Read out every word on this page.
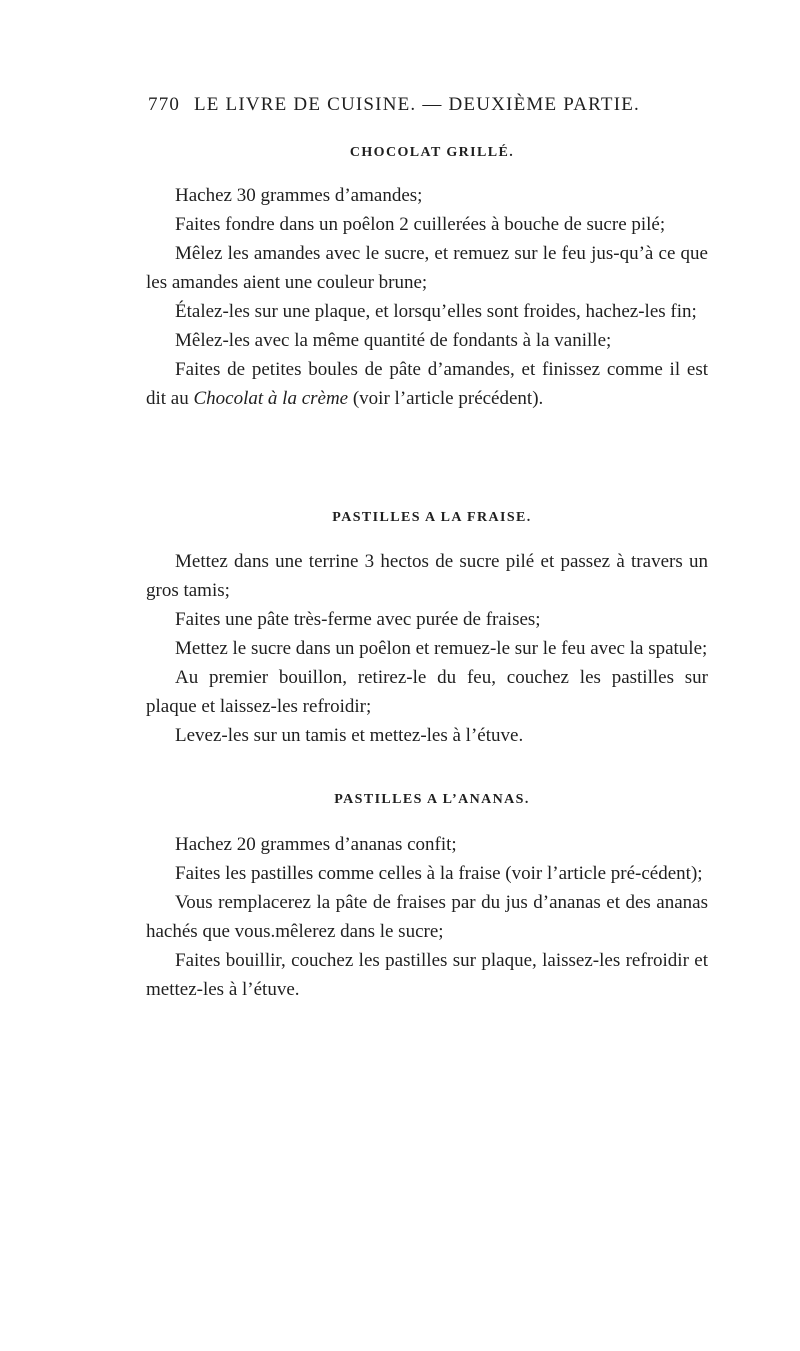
770 LE LIVRE DE CUISINE. — DEUXIÈME PARTIE.
CHOCOLAT GRILLÉ.

Hachez 30 grammes d’amandes;

Faites fondre dans un poêlon 2 cuillerées à bouche de sucre pilé;

Mêlez les amandes avec le sucre, et remuez sur le feu jus-qu’à ce que les amandes aient une couleur brune;

Étalez-les sur une plaque, et lorsqu’elles sont froides, hachez-les fin;

Mêlez-les avec la même quantité de fondants à la vanille;

Faites de petites boules de pâte d’amandes, et finissez comme il est dit au Chocolat à la crème (voir l’article précédent).

PASTILLES A LA FRAISE.

Mettez dans une terrine 3 hectos de sucre pilé et passez à travers un gros tamis;

Faites une pâte très-ferme avec purée de fraises;

Mettez le sucre dans un poêlon et remuez-le sur le feu avec la spatule;

Au premier bouillon, retirez-le du feu, couchez les pastilles sur plaque et laissez-les refroidir;

Levez-les sur un tamis et mettez-les à l’étuve.

PASTILLES A L’ANANAS.

Hachez 20 grammes d’ananas confit;

Faites les pastilles comme celles à la fraise (voir l’article pré-cédent);

Vous remplacerez la pâte de fraises par du jus d’ananas et des ananas hachés que vous.mêlerez dans le sucre;

Faites bouillir, couchez les pastilles sur plaque, laissez-les refroidir et mettez-les à l’étuve.
